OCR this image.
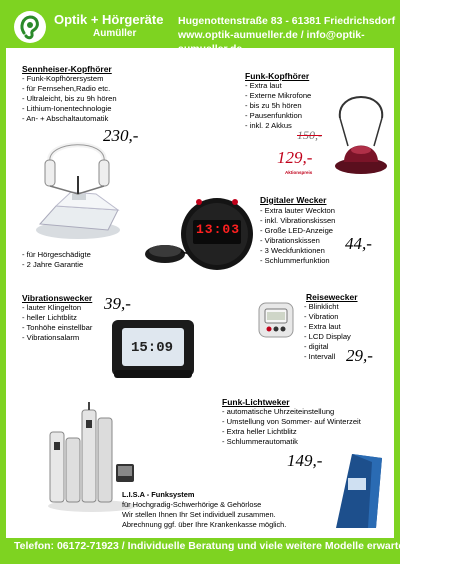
Optik + Hörgeräte
Aumüller
Hugenottenstraße 83 - 61381 Friedrichsdorf
www.optik-aumueller.de / info@optik-aumueller.de
Sennheiser-Kopfhörer
- Funk-Kopfhörersystem
- für Fernsehen,Radio etc.
- Ultraleicht, bis zu 9h hören
- Lithium-Ionentechnologie
- An- + Abschaltautomatik
230,-
- für Hörgeschädigte
- 2 Jahre Garantie
Funk-Kopfhörer
- Extra laut
- Externe Mikrofone
- bis zu 5h hören
- Pausenfunktion
- inkl. 2 Akkus
150,-
129,-
Aktionspreis
Digitaler Wecker
- Extra lauter Weckton
- inkl. Vibrationskissen
- Große LED-Anzeige
- Vibrationskissen
- 3 Weckfunktionen
- Schlummerfunktion
44,-
13:03
Vibrationswecker
- lauter Klingelton
- heller Lichtblitz
- Tonhöhe einstellbar
- Vibrationsalarm
39,-
15:09
Reisewecker
- Blinklicht
- Vibration
- Extra laut
- LCD Display
- digital
- Intervall 29,-
Funk-Lichtweker
- automatische Uhrzeiteinstellung
- Umstellung von Sommer- auf Winterzeit
- Extra heller Lichtblitz
- Schlummerautomatik
149,-
L.I.S.A - Funksystem
für Hochgradig-Schwerhörige & Gehörlose
Wir stellen Ihnen Ihr Set individuell zusammen.
Abrechnung ggf. über Ihre Krankenkasse möglich.
Telefon: 06172-71923 / Individuelle Beratung und viele weitere Modelle erwarten Sie bei uns!
